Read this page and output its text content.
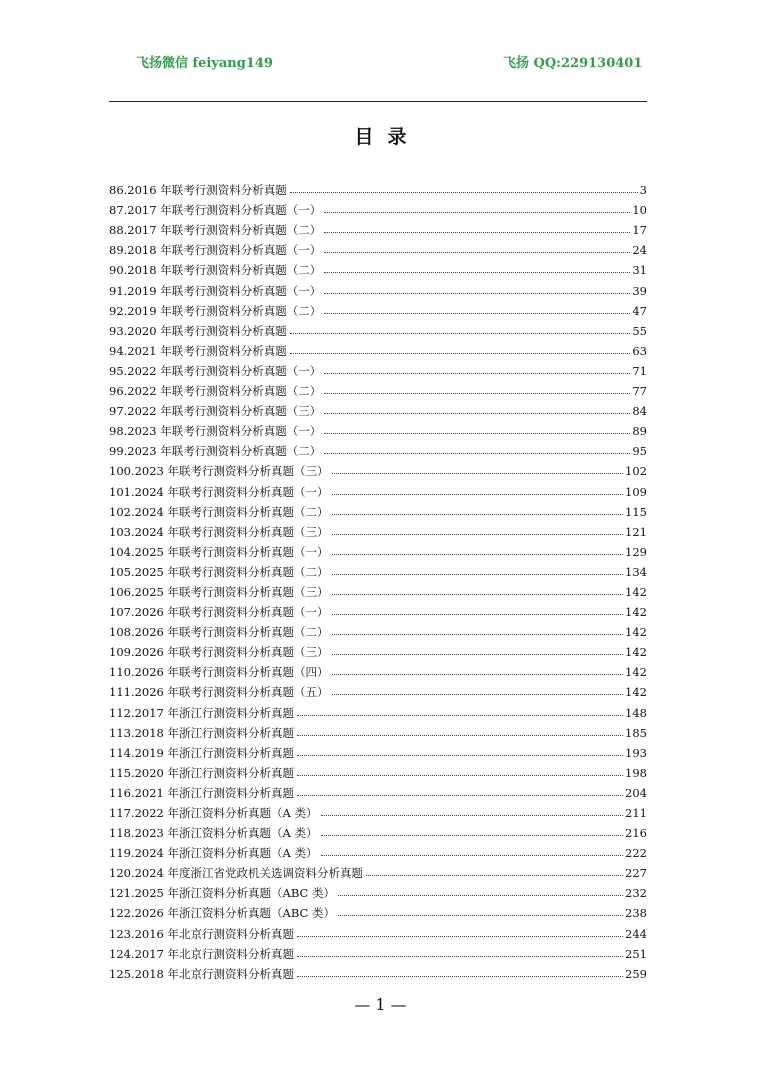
飞扬微信 feiyang149	飞扬 QQ:229130401
目录
86.2016 年联考行测资料分析真题	3
87.2017 年联考行测资料分析真题（一）	10
88.2017 年联考行测资料分析真题（二）	17
89.2018 年联考行测资料分析真题（一）	24
90.2018 年联考行测资料分析真题（二）	31
91.2019 年联考行测资料分析真题（一）	39
92.2019 年联考行测资料分析真题（二）	47
93.2020 年联考行测资料分析真题	55
94.2021 年联考行测资料分析真题	63
95.2022 年联考行测资料分析真题（一）	71
96.2022 年联考行测资料分析真题（二）	77
97.2022 年联考行测资料分析真题（三）	84
98.2023 年联考行测资料分析真题（一）	89
99.2023 年联考行测资料分析真题（二）	95
100.2023 年联考行测资料分析真题（三）	102
101.2024 年联考行测资料分析真题（一）	109
102.2024 年联考行测资料分析真题（二）	115
103.2024 年联考行测资料分析真题（三）	121
104.2025 年联考行测资料分析真题（一）	129
105.2025 年联考行测资料分析真题（二）	134
106.2025 年联考行测资料分析真题（三）	142
107.2026 年联考行测资料分析真题（一）	142
108.2026 年联考行测资料分析真题（二）	142
109.2026 年联考行测资料分析真题（三）	142
110.2026 年联考行测资料分析真题（四）	142
111.2026 年联考行测资料分析真题（五）	142
112.2017 年浙江行测资料分析真题	148
113.2018 年浙江行测资料分析真题	185
114.2019 年浙江行测资料分析真题	193
115.2020 年浙江行测资料分析真题	198
116.2021 年浙江行测资料分析真题	204
117.2022 年浙江资料分析真题（A 类）	211
118.2023 年浙江资料分析真题（A 类）	216
119.2024 年浙江资料分析真题（A 类）	222
120.2024 年度浙江省党政机关选调资料分析真题	227
121.2025 年浙江资料分析真题（ABC 类）	232
122.2026 年浙江资料分析真题（ABC 类）	238
123.2016 年北京行测资料分析真题	244
124.2017 年北京行测资料分析真题	251
125.2018 年北京行测资料分析真题	259
— 1 —
